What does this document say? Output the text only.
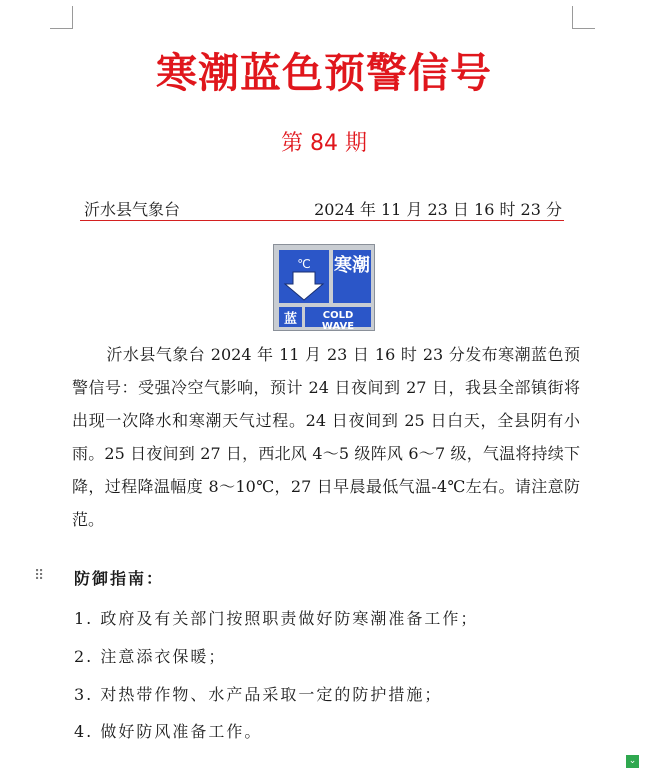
寒潮蓝色预警信号
第 84 期
沂水县气象台	2024 年 11 月 23 日 16 时 23 分
℃	寒潮
蓝	COLD WAVE

沂水县气象台 2024 年 11 月 23 日 16 时 23 分发布寒潮蓝色预警信号：受强冷空气影响，预计 24 日夜间到 27 日，我县全部镇街将出现一次降水和寒潮天气过程。24 日夜间到 25 日白天，全县阴有小雨。25 日夜间到 27 日，西北风 4～5 级阵风 6～7 级，气温将持续下降，过程降温幅度 8～10℃，27 日早晨最低气温-4℃左右。请注意防范。

⠿ 防御指南：
1. 政府及有关部门按照职责做好防寒潮准备工作；
2. 注意添衣保暖；
3. 对热带作物、水产品采取一定的防护措施；
4. 做好防风准备工作。
⌄
